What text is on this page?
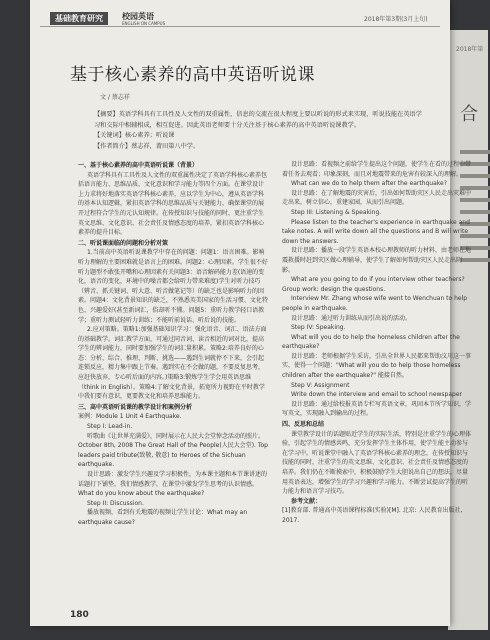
2018年第
合
基础教育研究	校园英语
ENGLISH ON CAMPUS
2018年第3期(3月上旬)
基于核心素养的高中英语听说课
文 / 蔡志祥

【摘要】英语学科具有工具性及人文性的双重属性，信息的交流在很大程度上要以听说的形式来实现，听说技能在英语学习和交际中相辅相成，相互促进。因此英语老师要十分关注基于核心素养的高中英语听说课教学。

【关键词】核心素养；听说课

【作者简介】蔡志祥，莆田第八中学。

一、基于核心素养的高中英语听说课（背景）

英语学科具有工具性及人文性的双重属性决定了英语学科核心素养包括语言能力、思维品质、文化意识和学习能力等四个方面。在课堂设计上力求将好地落实英语学科核心素养，应以学生为中心，遵从英语学科的基本认知逻辑，紧扣英语学科的思维品质与关键能力，确保课堂的展开过程符合学生的元认知规律。在传授知识与技能的同时，更注重学生英文思维、文化意识、社会责任及情感态度的培养，紧扣英语学科核心素养的提升目标。

二、听说课面临的问题和分析对策

1.当前高中英语听说课教学中存在的问题：问题1：语言困难。影响听力理解的主要困难就是语言上的困难。问题2：心理因素。学生很不好听力题型不敢张开嘴和心理因素有关问题3：语音解码能力差(语速的变化，语音的变化，环境中的噪音都会给听力带来难度)学生对听力技巧（辨音、抓关键词、听大意、听音做笔记等）的缺乏也是影响听力的因素。问题4：文化背景知识的缺乏，不熟悉英美国家的生活习惯、文化特色、兴趣爱好(甚至新词汇，俗却听不懂。问题5：重听力教学轻口语教学；重听力测试轻听力训练；不能听前说话、听后说的技能。

2.应对策略。策略1:加强基础知识学习：强化语音、词汇、语法方面的基础教学。词汇教学方面，可通过同音词、读音相近的词对比，提高学生的辨词能力，同时要加强学生的词汇量积累。策略2:培养良好的心态：分析、综合、推理、判断、挑选——遇到生词就停不下来，会引起连锁反应，精力集中跟上节奏。遇到实在不会做的题，不要反复思考，应赶快放弃，专心听后面的内容。)策略3:锻炼学生学会用英语思维（think in English）。策略4:了解文化背景，拓宽所力视野在平时教学中我们要有意识，更要教文化和培养思维能力。

三、高中英语听说课的教学设计和案例分析

案例：Module 1 Unit 4 Earthquake.

Step I: Lead-in.

听歌曲《让世界充满爱》，同时展示在人民大会堂悼念活动的照片。October 8th, 2008 The Great Hall of the People(人民大会堂). Top leaders paid tribute(致敬, 敬意) to Heroes of the Sichuan earthquake.

设计思路：激发学生兴趣及学习积极性，为本课主题和本节课讲述的话题打下铺垫。我们情感教学，在课堂中激发学生思考的认识情感。What do you know about the earthquake?

Step II: Discussion.

播放视频，看到有关地震的视频让学生讨论：What may an earthquake cause?

设计思路：看视频之前给学生提出这个问题，使学生在看的过程中带着任务去观看；印象深刻，而且对地震带来的危害有较深入的理解。

What can we do to help them after the earthquake?

设计思路：在了解地震的灾害后，引出如何帮助灾区人民走出灾难中走出来，树立信心，重建家园，从而引出问题。

Step III: Listening & Speaking.

Please listen to the teacher's experience in earthquake and take notes. A will write down all the questions and B will write down the answers.

设计思路：播放一段学生英语本校心理教师的听力材料，由老师在地震救援时赶到灾区做心理辅导，使学生了解如何帮助灾区人民走出阴影。

What are you going to do if you interview other teachers? Group work: design the questions.

Interview Mr. Zhang whose wife went to Wenchuan to help people in earthquake.

设计思路：通过听力训练从而引出说的活动。

Step IV: Speaking.

What will you do to help the homeless children after the earthquake?

设计思路：老师根据学生采访，引出全世界人民都来帮助汶川这一事实，使得一个问题："What will you do to help those homeless children after the earthquake?" 能接自然。

Step V: Assignment

Write down the interview and email to school newspaper

设计思路：通过给校报英语专栏写英语文章，巩固本节所学知识，学写英文，实现融入到输出的过程。

四、反思和总结

课堂教学设计的话题贴近学生的实际生活，特别是注重学生的心理体验，引起学生的情感共鸣，充分发挥学生主体作用，使学生能主动参与在学习中。听说课堂中融入了英语学科核心素养的理念，在传授知识与技能的同时，注重学生的英文思维、文化意识、社会责任及情感态度的培养。我们仍在不断摸索中，积极鼓励学生大胆说出自己的想法，尽量用英语表达，增强学生的学习兴趣和学习能力。不断尝试提高学生的听力能力和语言学习技巧。

参考文献：

[1]教育部. 普通高中英语课程标准(实验)[M]. 北京: 人民教育出版社, 2017.

180
